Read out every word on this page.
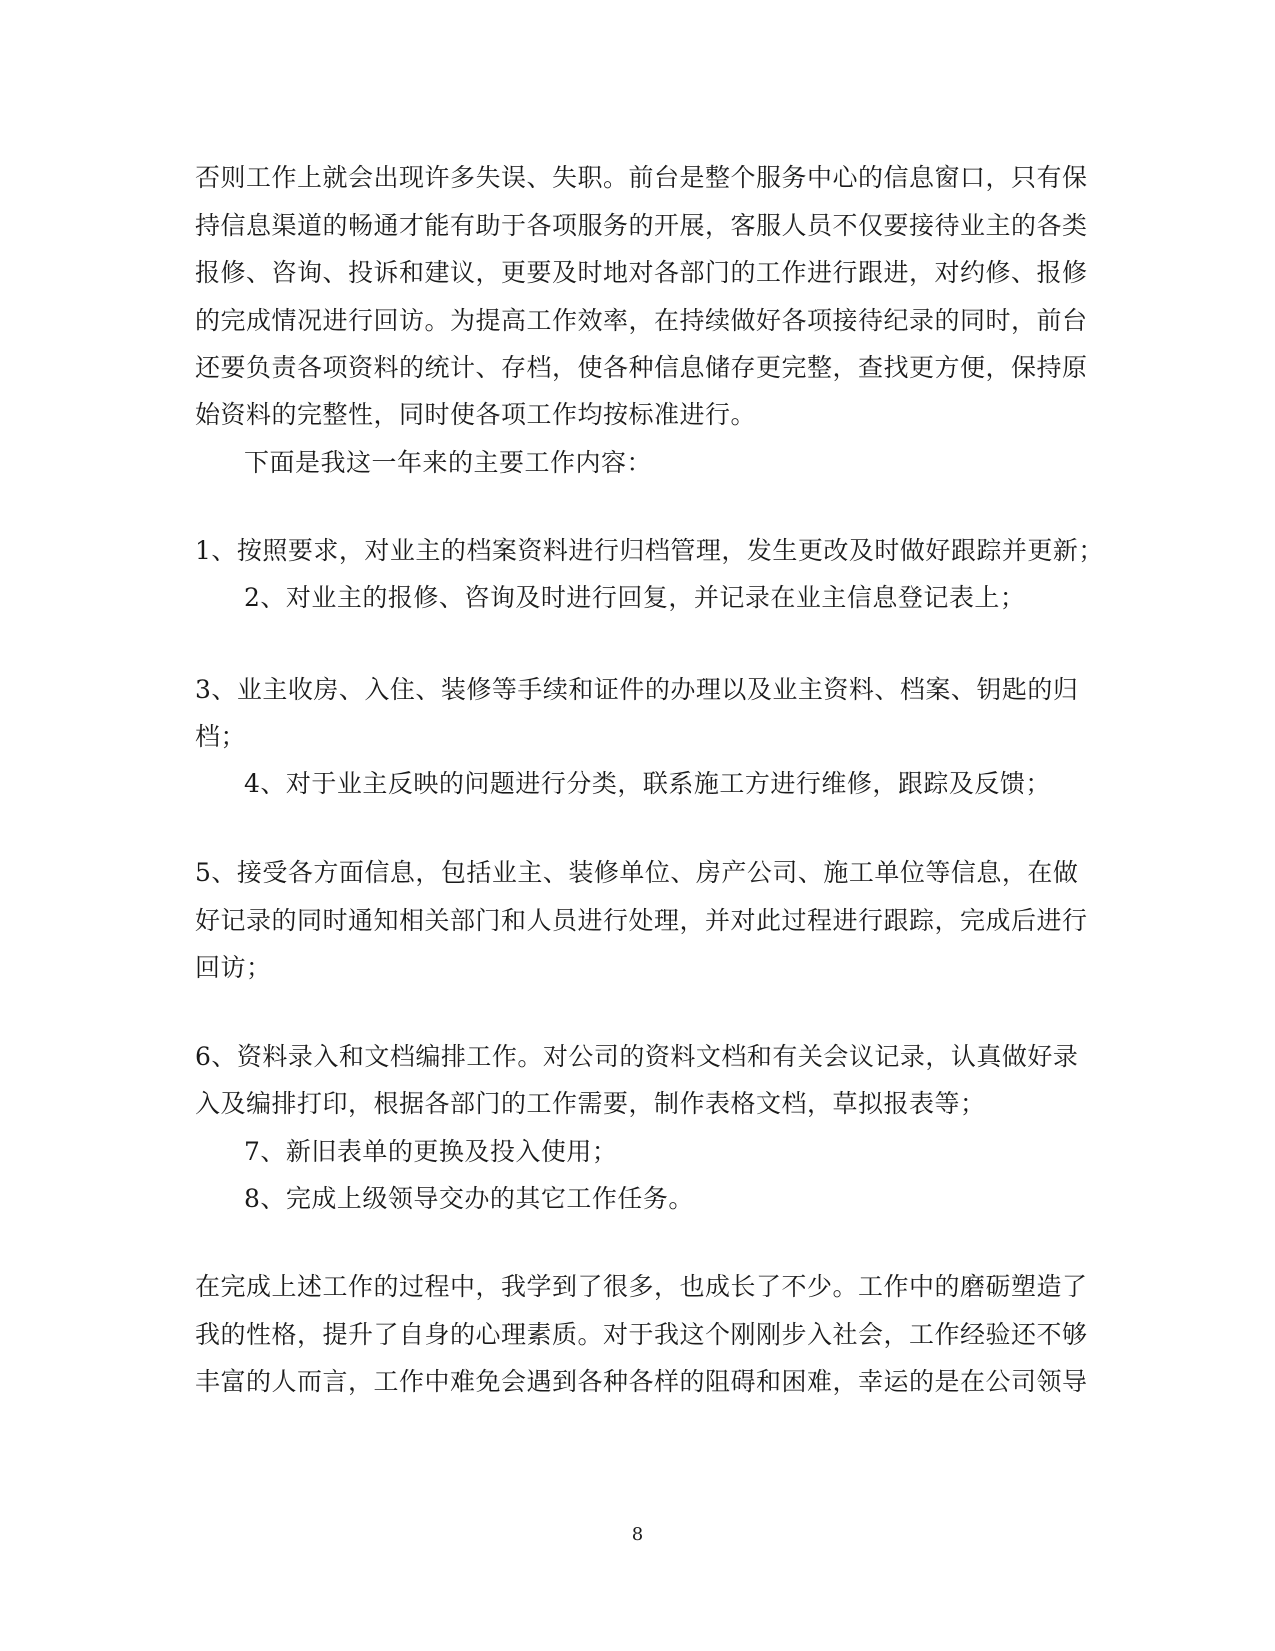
否则工作上就会出现许多失误、失职。前台是整个服务中心的信息窗口，只有保
持信息渠道的畅通才能有助于各项服务的开展，客服人员不仅要接待业主的各类
报修、咨询、投诉和建议，更要及时地对各部门的工作进行跟进，对约修、报修
的完成情况进行回访。为提高工作效率，在持续做好各项接待纪录的同时，前台
还要负责各项资料的统计、存档，使各种信息储存更完整，查找更方便，保持原
始资料的完整性，同时使各项工作均按标准进行。
下面是我这一年来的主要工作内容：
1、按照要求，对业主的档案资料进行归档管理，发生更改及时做好跟踪并更新；
2、对业主的报修、咨询及时进行回复，并记录在业主信息登记表上；
3、业主收房、入住、装修等手续和证件的办理以及业主资料、档案、钥匙的归
档；
4、对于业主反映的问题进行分类，联系施工方进行维修，跟踪及反馈；
5、接受各方面信息，包括业主、装修单位、房产公司、施工单位等信息，在做
好记录的同时通知相关部门和人员进行处理，并对此过程进行跟踪，完成后进行
回访；
6、资料录入和文档编排工作。对公司的资料文档和有关会议记录，认真做好录
入及编排打印，根据各部门的工作需要，制作表格文档，草拟报表等；
7、新旧表单的更换及投入使用；
8、完成上级领导交办的其它工作任务。
在完成上述工作的过程中，我学到了很多，也成长了不少。工作中的磨砺塑造了
我的性格，提升了自身的心理素质。对于我这个刚刚步入社会，工作经验还不够
丰富的人而言，工作中难免会遇到各种各样的阻碍和困难，幸运的是在公司领导
8
